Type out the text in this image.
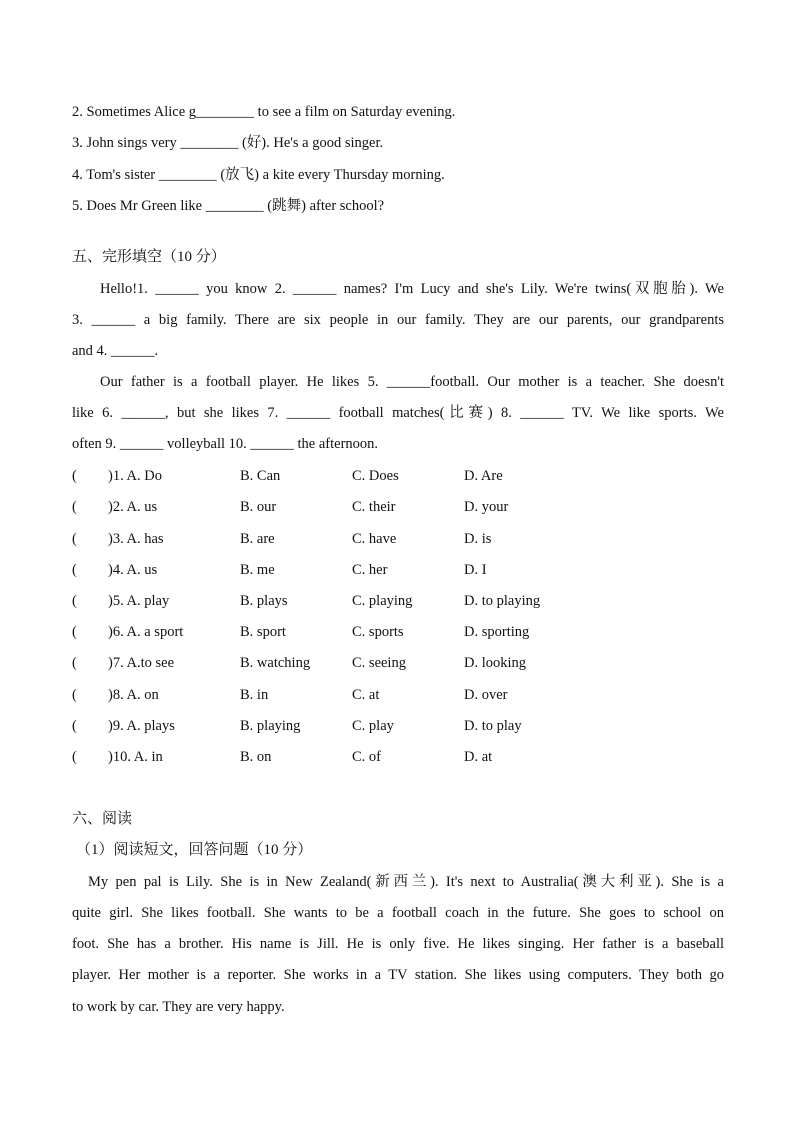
2. Sometimes Alice g________ to see a film on Saturday evening.
3. John sings very ________ (好). He's a good singer.
4. Tom's sister ________ (放飞) a kite every Thursday morning.
5. Does Mr Green like ________ (跳舞) after school?
五、完形填空（10 分）
Hello!1. ______ you know 2. ______ names? I'm Lucy and she's Lily. We're twins(双胞胎). We
3. ______ a big family. There are six people in our family. They are our parents, our grandparents
and 4. ______.
Our father is a football player. He likes 5. ______football. Our mother is a teacher. She doesn't
like 6. ______, but she likes 7. ______ football matches(比赛) 8. ______ TV. We like sports. We
often 9. ______ volleyball 10. ______ the afternoon.
( )1. A. Do	B. Can	C. Does	D. Are
( )2. A. us	B. our	C. their	D. your
( )3. A. has	B. are	C. have	D. is
( )4. A. us	B. me	C. her	D. I
( )5. A. play	B. plays	C. playing	D. to playing
( )6. A. a sport	B. sport	C. sports	D. sporting
( )7. A.to see	B. watching	C. seeing	D. looking
( )8. A. on	B. in	C. at	D. over
( )9. A. plays	B. playing	C. play	D. to play
( )10. A. in	B. on	C. of	D. at
六、阅读
（1）阅读短文，回答问题（10 分）
My pen pal is Lily. She is in New Zealand(新西兰). It's next to Australia(澳大利亚). She is a
quite girl. She likes football. She wants to be a football coach in the future. She goes to school on
foot. She has a brother. His name is Jill. He is only five. He likes singing. Her father is a baseball
player. Her mother is a reporter. She works in a TV station. She likes using computers. They both go
to work by car. They are very happy.
